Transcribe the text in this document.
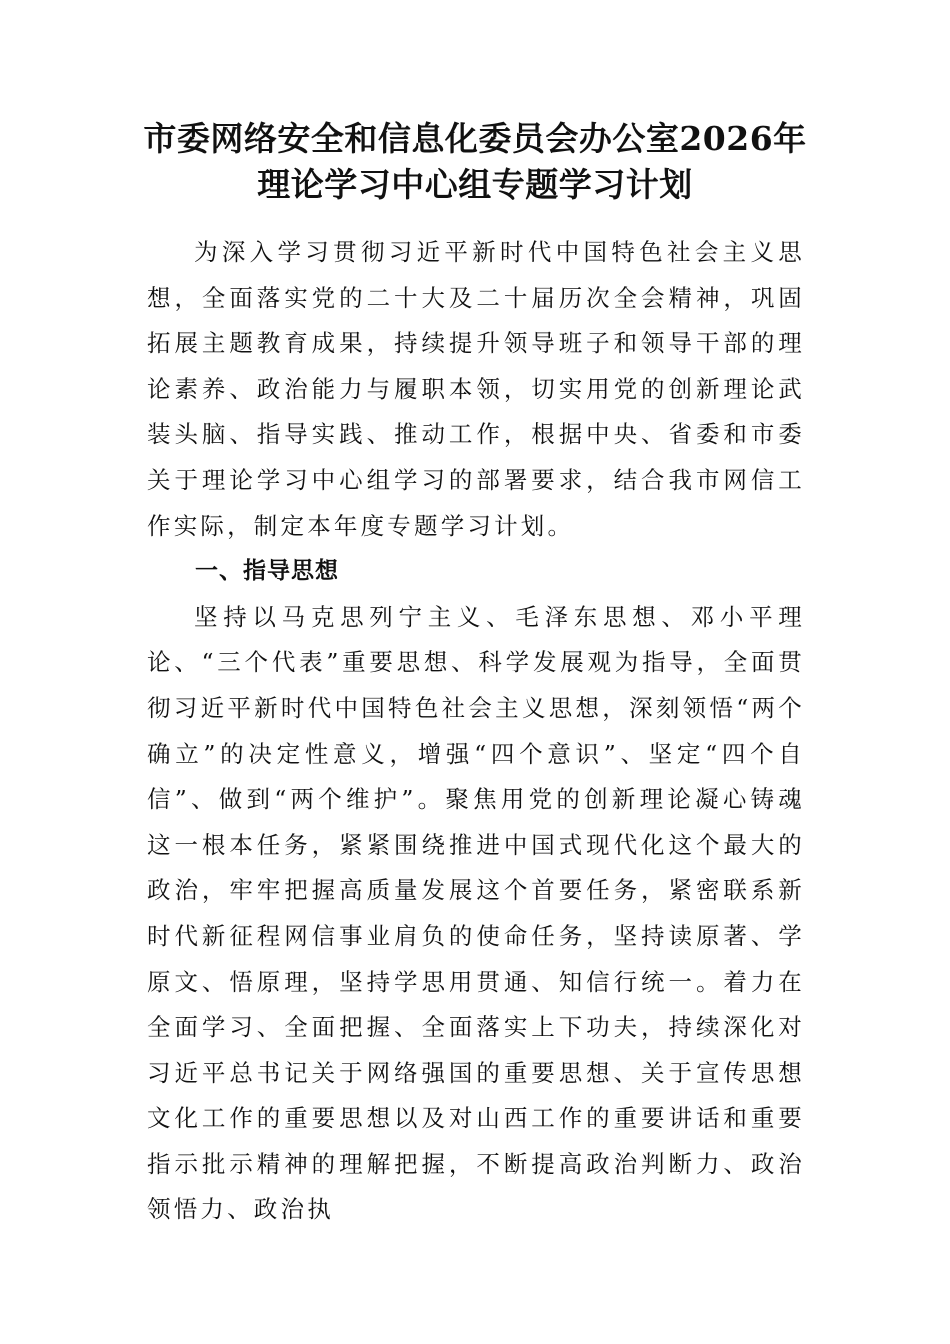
市委网络安全和信息化委员会办公室2026年理论学习中心组专题学习计划

为深入学习贯彻习近平新时代中国特色社会主义思想，全面落实党的二十大及二十届历次全会精神，巩固拓展主题教育成果，持续提升领导班子和领导干部的理论素养、政治能力与履职本领，切实用党的创新理论武装头脑、指导实践、推动工作，根据中央、省委和市委关于理论学习中心组学习的部署要求，结合我市网信工作实际，制定本年度专题学习计划。

一、指导思想

坚持以马克思列宁主义、毛泽东思想、邓小平理论、“三个代表”重要思想、科学发展观为指导，全面贯彻习近平新时代中国特色社会主义思想，深刻领悟“两个确立”的决定性意义，增强“四个意识”、坚定“四个自信”、做到“两个维护”。聚焦用党的创新理论凝心铸魂这一根本任务，紧紧围绕推进中国式现代化这个最大的政治，牢牢把握高质量发展这个首要任务，紧密联系新时代新征程网信事业肩负的使命任务，坚持读原著、学原文、悟原理，坚持学思用贯通、知信行统一。着力在全面学习、全面把握、全面落实上下功夫，持续深化对习近平总书记关于网络强国的重要思想、关于宣传思想文化工作的重要思想以及对山西工作的重要讲话和重要指示批示精神的理解把握，不断提高政治判断力、政治领悟力、政治执
